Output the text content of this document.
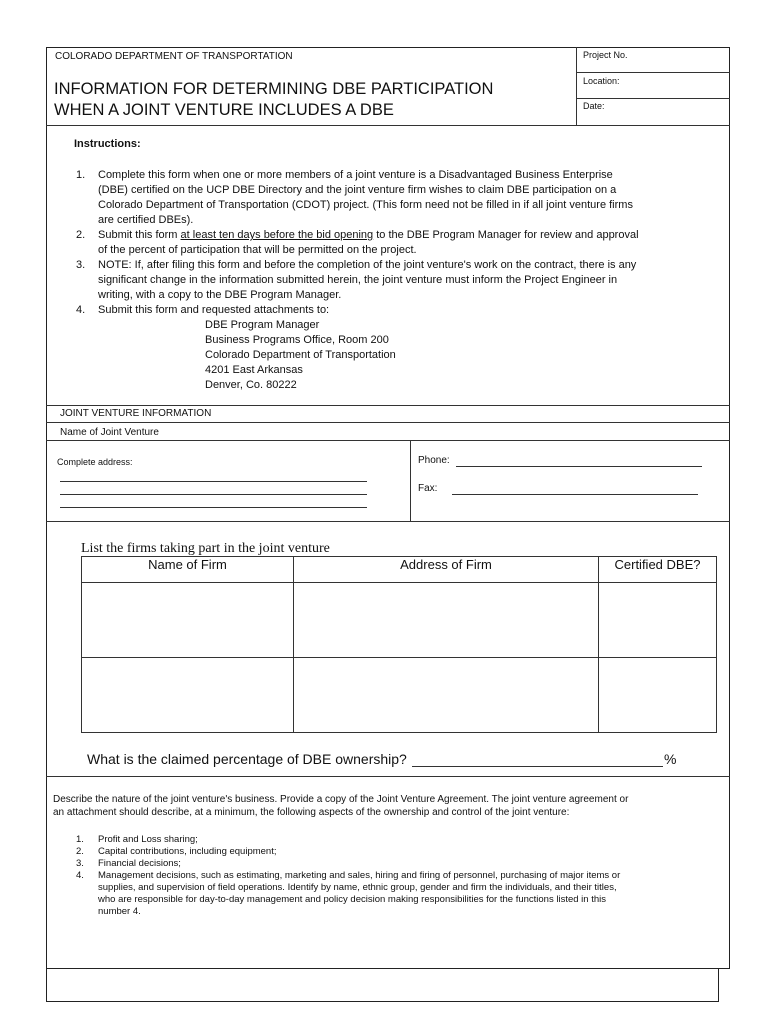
COLORADO DEPARTMENT OF TRANSPORTATION
INFORMATION FOR DETERMINING DBE PARTICIPATION
WHEN A JOINT VENTURE INCLUDES A DBE
Project No.
Location:
Date:
Instructions:
1. Complete this form when one or more members of a joint venture is a Disadvantaged Business Enterprise
(DBE) certified on the UCP DBE Directory and the joint venture firm wishes to claim DBE participation on a
Colorado Department of Transportation (CDOT) project. (This form need not be filled in if all joint venture firms
are certified DBEs).
2. Submit this form at least ten days before the bid opening to the DBE Program Manager for review and approval
of the percent of participation that will be permitted on the project.
3. NOTE: If, after filing this form and before the completion of the joint venture's work on the contract, there is any
significant change in the information submitted herein, the joint venture must inform the Project Engineer in
writing, with a copy to the DBE Program Manager.
4. Submit this form and requested attachments to:
DBE Program Manager
Business Programs Office, Room 200
Colorado Department of Transportation
4201 East Arkansas
Denver, Co. 80222
JOINT VENTURE INFORMATION
Name of Joint Venture
Complete address:	Phone:
Fax:
List the firms taking part in the joint venture
Name of Firm	Address of Firm	Certified DBE?

What is the claimed percentage of DBE ownership?	%
Describe the nature of the joint venture's business. Provide a copy of the Joint Venture Agreement. The joint venture agreement or
an attachment should describe, at a minimum, the following aspects of the ownership and control of the joint venture:
1. Profit and Loss sharing;
2. Capital contributions, including equipment;
3. Financial decisions;
4. Management decisions, such as estimating, marketing and sales, hiring and firing of personnel, purchasing of major items or
supplies, and supervision of field operations. Identify by name, ethnic group, gender and firm the individuals, and their titles,
who are responsible for day-to-day management and policy decision making responsibilities for the functions listed in this
number 4.
